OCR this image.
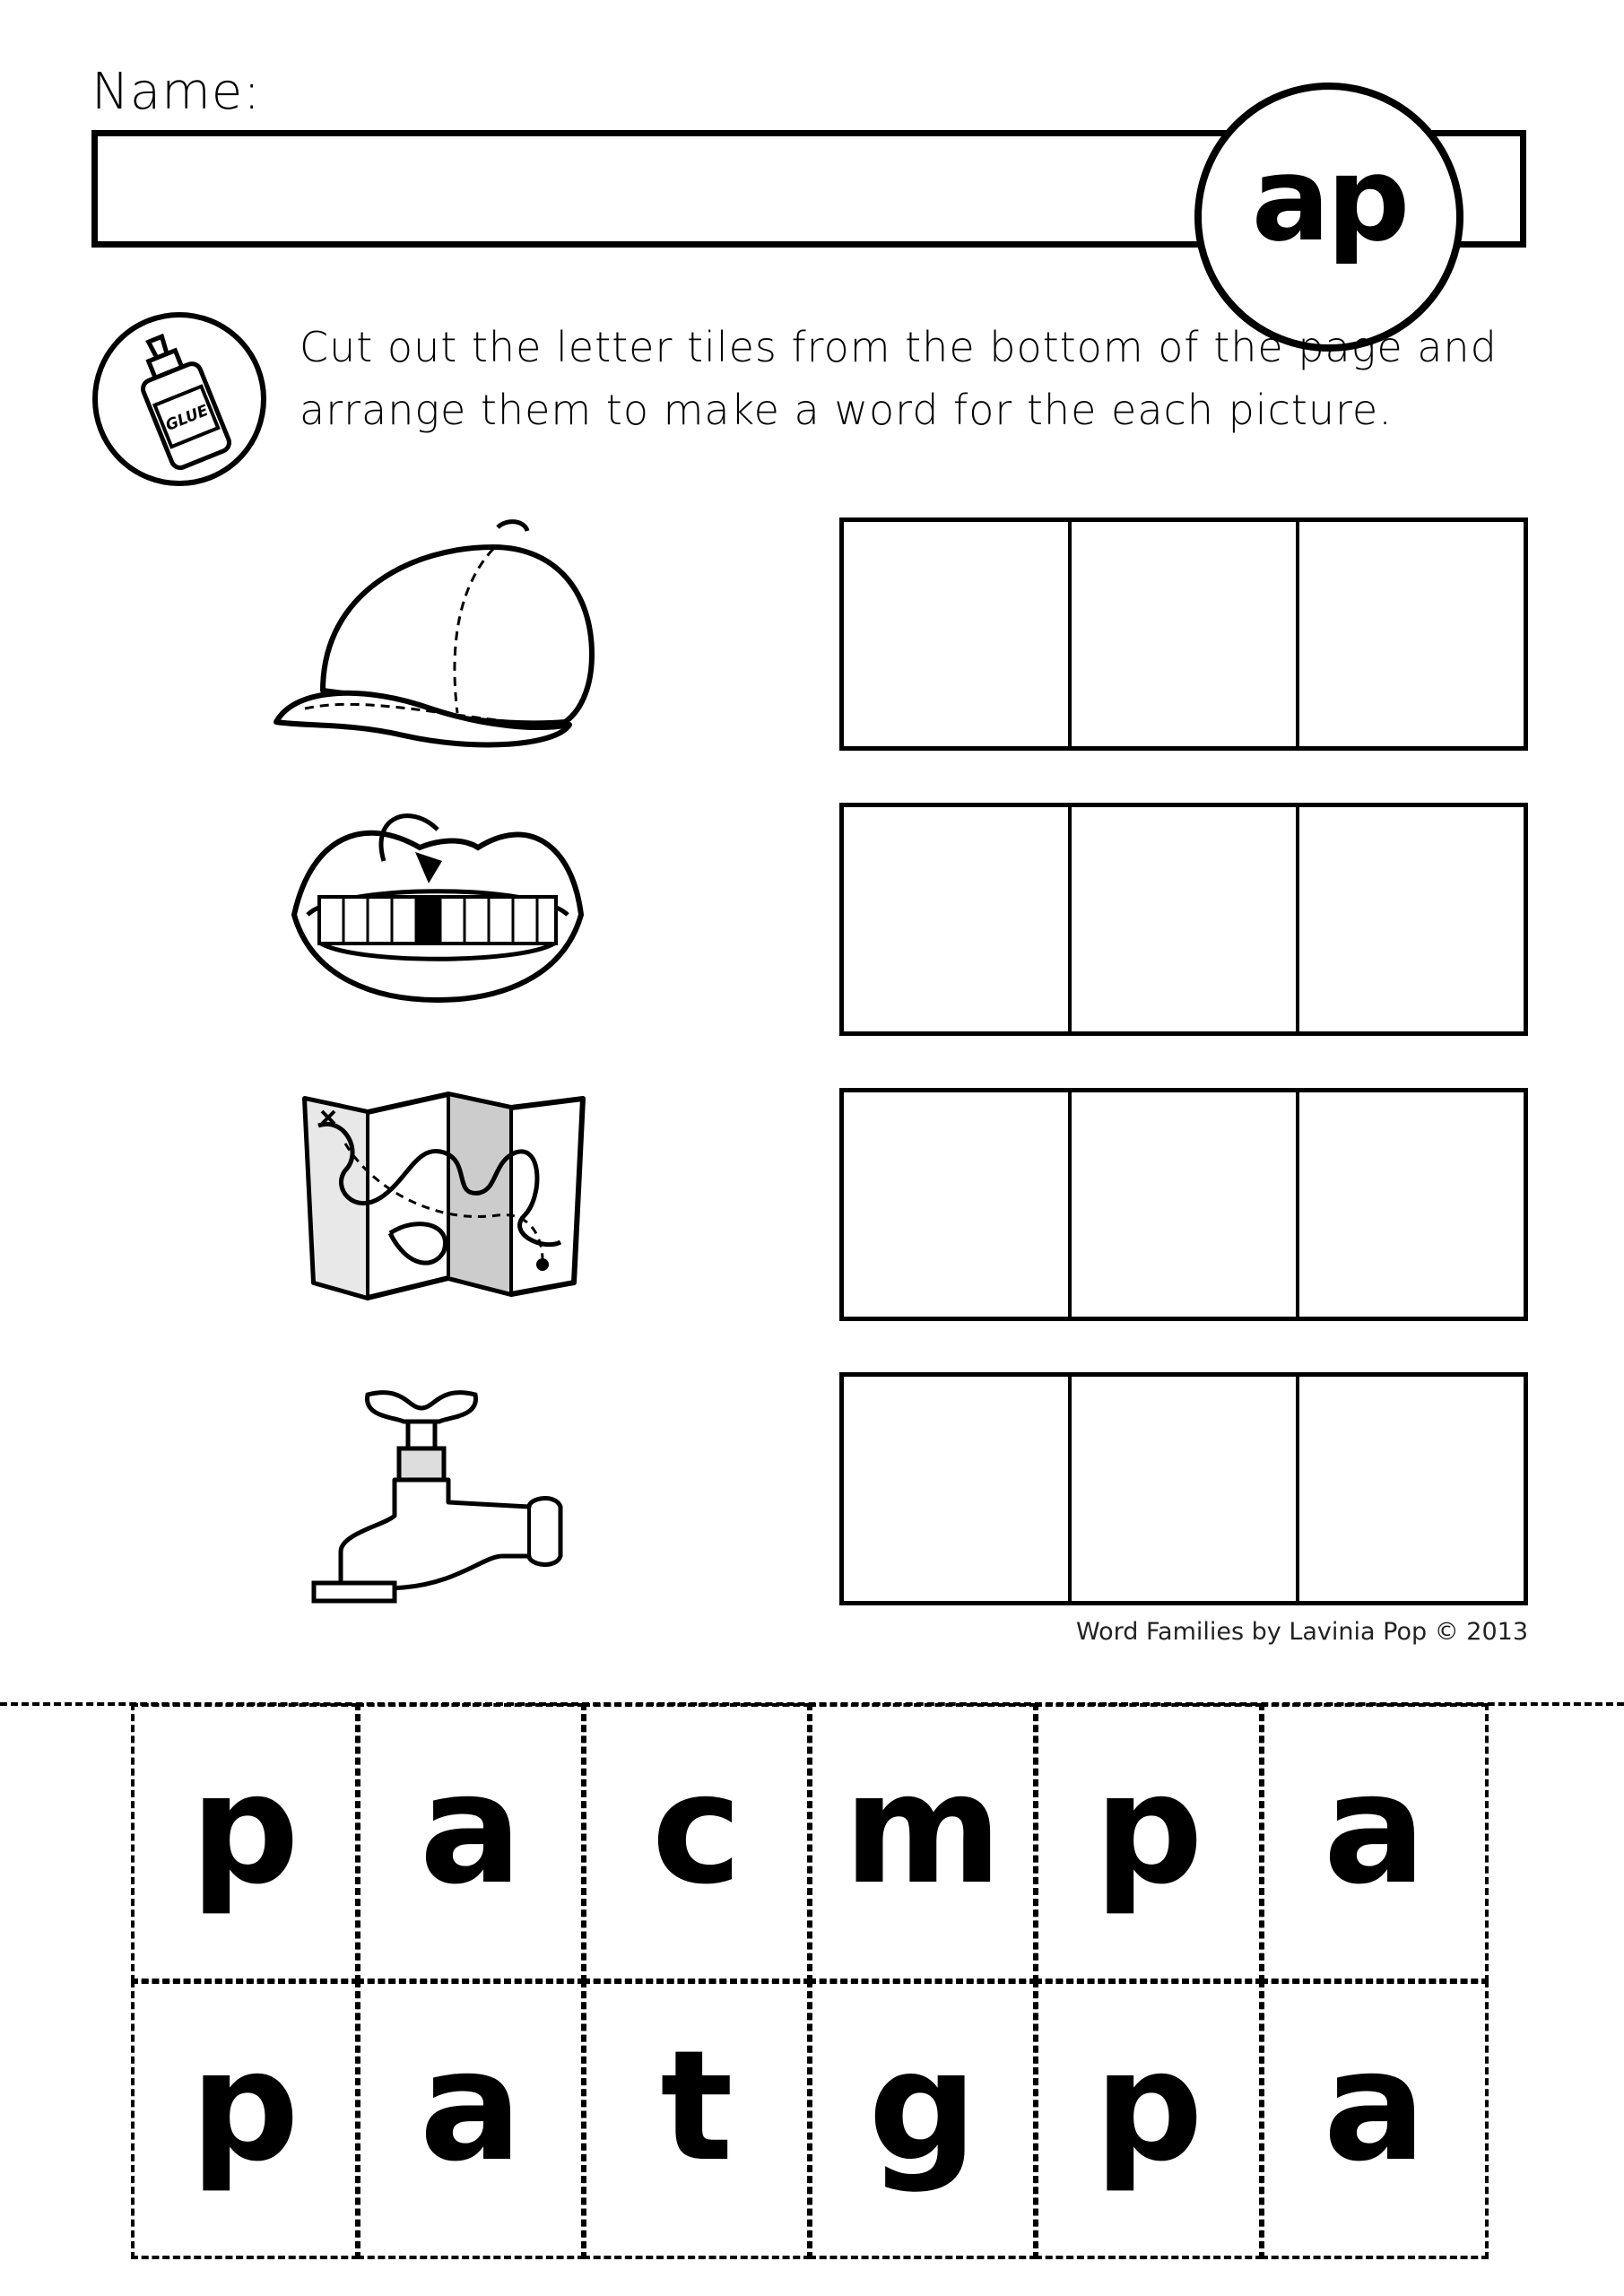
Name:
ap
GLUE
Cut out the letter tiles from the bottom of the page and
arrange them to make a word for the each picture.
Word Families by Lavinia Pop © 2013
p a c m p a
p a t g p a
